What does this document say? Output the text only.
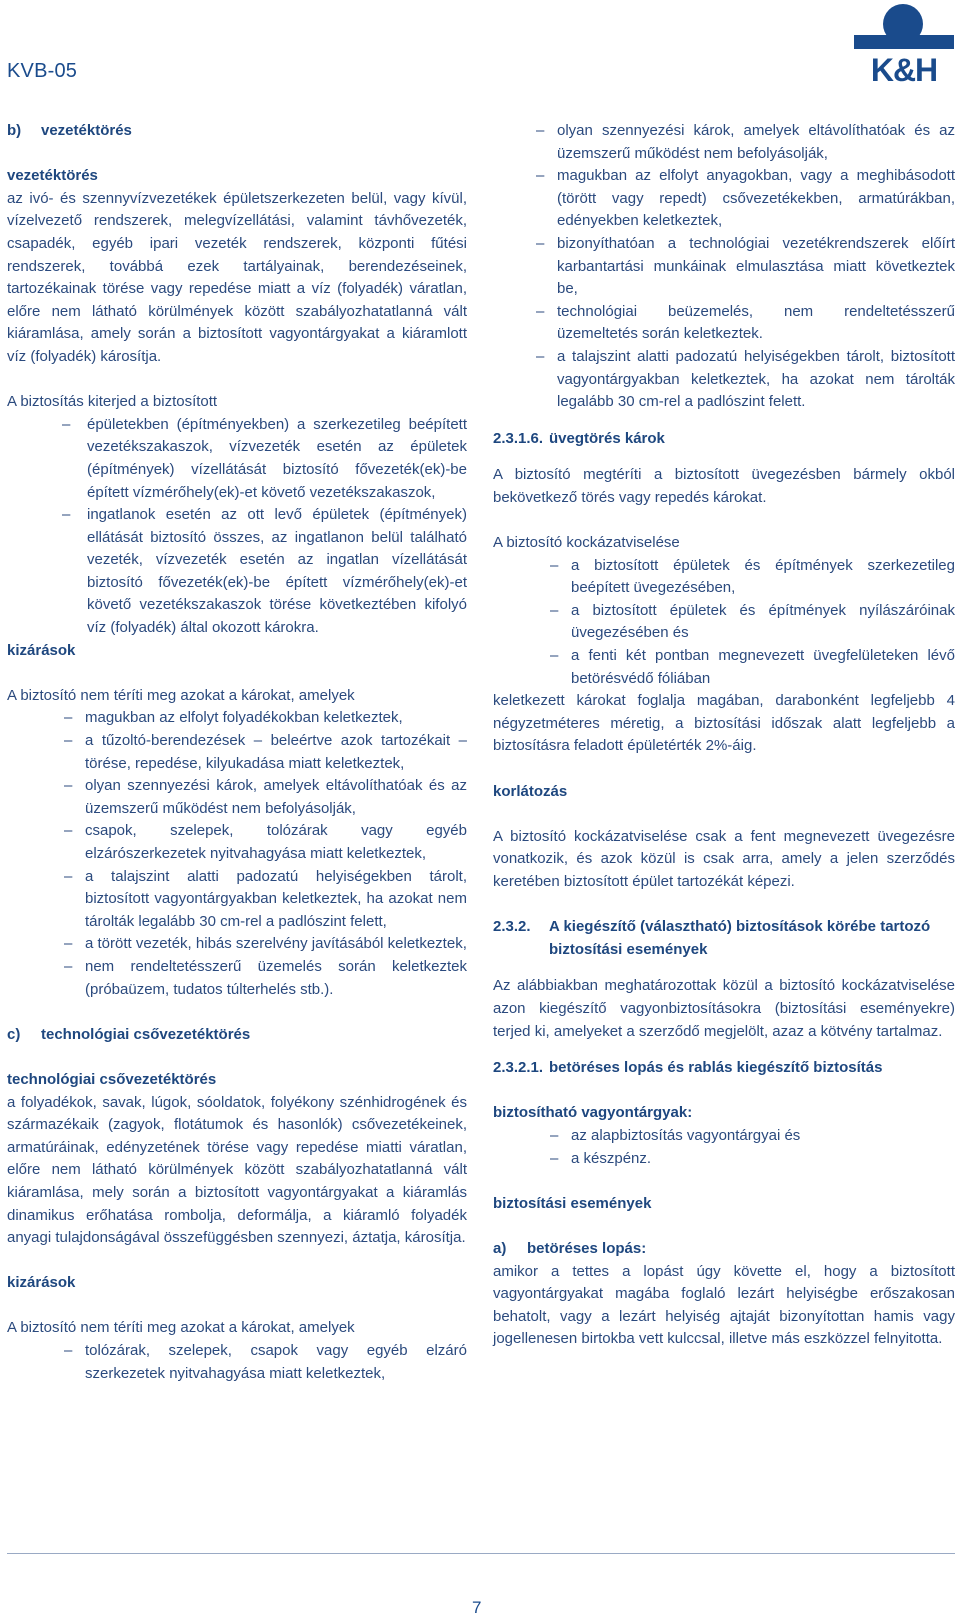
KVB-05	K&H

b)	vezetéktörés

vezetéktörés

az ivó- és szennyvízvezetékek épületszerkezeten belül, vagy kívül, vízelvezető rendszerek, melegvízellátási, valamint távhővezeték, csapadék, egyéb ipari vezeték rendszerek, központi fűtési rendszerek, továbbá ezek tartályainak, berendezéseinek, tartozékainak törése vagy repedése miatt a víz (folyadék) váratlan, előre nem látható körülmények között szabályozhatatlanná vált kiáramlása, amely során a biztosított vagyontárgyakat a kiáramlott víz (folyadék) károsítja.

A biztosítás kiterjed a biztosított

– épületekben (építményekben) a szerkezetileg beépített vezetékszakaszok, vízvezeték esetén az épületek (építmények) vízellátását biztosító fővezeték(ek)-be épített vízmérőhely(ek)-et követő vezetékszakaszok,
– ingatlanok esetén az ott levő épületek (építmények) ellátását biztosító összes, az ingatlanon belül található vezeték, vízvezeték esetén az ingatlan vízellátását biztosító fővezeték(ek)-be épített vízmérőhely(ek)-et követő vezetékszakaszok törése következtében kifolyó víz (folyadék) által okozott károkra.

kizárások

A biztosító nem téríti meg azokat a károkat, amelyek

– magukban az elfolyt folyadékokban keletkeztek,
– a tűzoltó-berendezések – beleértve azok tartozékait – törése, repedése, kilyukadása miatt keletkeztek,
– olyan szennyezési károk, amelyek eltávolíthatóak és az üzemszerű működést nem befolyásolják,
– csapok, szelepek, tolózárak vagy egyéb elzárószerkezetek nyitvahagyása miatt keletkeztek,
– a talajszint alatti padozatú helyiségekben tárolt, biztosított vagyontárgyakban keletkeztek, ha azokat nem tárolták legalább 30 cm-rel a padlószint felett,
– a törött vezeték, hibás szerelvény javításából keletkeztek,
– nem rendeltetésszerű üzemelés során keletkeztek (próbaüzem, tudatos túlterhelés stb.).

c)	technológiai csővezetéktörés

technológiai csővezetéktörés

a folyadékok, savak, lúgok, sóoldatok, folyékony szénhidrogének és származékaik (zagyok, flotátumok és hasonlók) csővezetékeinek, armatúráinak, edényzetének törése vagy repedése miatti váratlan, előre nem látható körülmények között szabályozhatatlanná vált kiáramlása, mely során a biztosított vagyontárgyakat a kiáramlás dinamikus erőhatása rombolja, deformálja, a kiáramló folyadék anyagi tulajdonságával összefüggésben szennyezi, áztatja, károsítja.

kizárások

A biztosító nem téríti meg azokat a károkat, amelyek

– tolózárak, szelepek, csapok vagy egyéb elzáró szerkezetek nyitvahagyása miatt keletkeztek,
– olyan szennyezési károk, amelyek eltávolíthatóak és az üzemszerű működést nem befolyásolják,
– magukban az elfolyt anyagokban, vagy a meghibásodott (törött vagy repedt) csővezetékekben, armatúrákban, edényekben keletkeztek,
– bizonyíthatóan a technológiai vezetékrendszerek előírt karbantartási munkáinak elmulasztása miatt következtek be,
– technológiai beüzemelés, nem rendeltetésszerű üzemeltetés során keletkeztek.
– a talajszint alatti padozatú helyiségekben tárolt, biztosított vagyontárgyakban keletkeztek, ha azokat nem tárolták legalább 30 cm-rel a padlószint felett.

2.3.1.6. üvegtörés károk

A biztosító megtéríti a biztosított üvegezésben bármely okból bekövetkező törés vagy repedés károkat.

A biztosító kockázatviselése

– a biztosított épületek és építmények szerkezetileg beépített üvegezésében,
– a biztosított épületek és építmények nyílászáróinak üvegezésében és
– a fenti két pontban megnevezett üvegfelületeken lévő betörésvédő fóliában

keletkezett károkat foglalja magában, darabonként legfeljebb 4 négyzetméteres méretig, a biztosítási időszak alatt legfeljebb a biztosításra feladott épületérték 2%-áig.

korlátozás

A biztosító kockázatviselése csak a fent megnevezett üvegezésre vonatkozik, és azok közül is csak arra, amely a jelen szerződés keretében biztosított épület tartozékát képezi.

2.3.2.	A kiegészítő (választható) biztosítások körébe tartozó biztosítási események

Az alábbiakban meghatározottak közül a biztosító kockázatviselése azon kiegészítő vagyonbiztosításokra (biztosítási eseményekre) terjed ki, amelyeket a szerződő megjelölt, azaz a kötvény tartalmaz.

2.3.2.1. betöréses lopás és rablás kiegészítő biztosítás

biztosítható vagyontárgyak:

– az alapbiztosítás vagyontárgyai és
– a készpénz.

biztosítási események

a)	betöréses lopás:

amikor a tettes a lopást úgy követte el, hogy a biztosított vagyontárgyakat magába foglaló lezárt helyiségbe erőszakosan behatolt, vagy a lezárt helyiség ajtaját bizonyítottan hamis vagy jogellenesen birtokba vett kulccsal, illetve más eszközzel felnyitotta.

7
